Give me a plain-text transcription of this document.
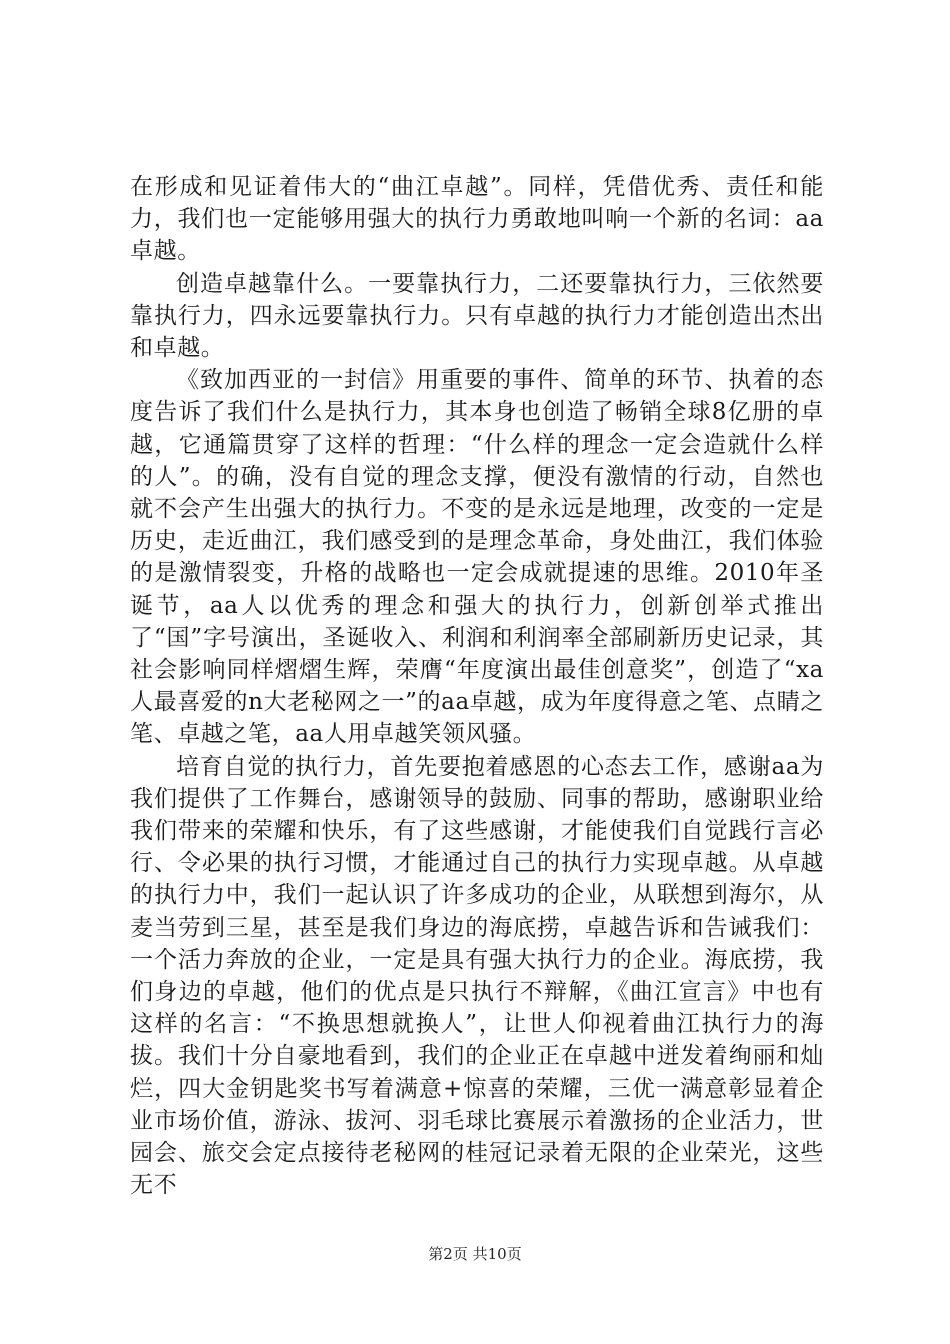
在形成和见证着伟大的“曲江卓越”。同样，凭借优秀、责任和能力，我们也一定能够用强大的执行力勇敢地叫响一个新的名词：aa卓越。

创造卓越靠什么。一要靠执行力，二还要靠执行力，三依然要靠执行力，四永远要靠执行力。只有卓越的执行力才能创造出杰出和卓越。

《致加西亚的一封信》用重要的事件、简单的环节、执着的态度告诉了我们什么是执行力，其本身也创造了畅销全球8亿册的卓越，它通篇贯穿了这样的哲理：“什么样的理念一定会造就什么样的人”。的确，没有自觉的理念支撑，便没有激情的行动，自然也就不会产生出强大的执行力。不变的是永远是地理，改变的一定是历史，走近曲江，我们感受到的是理念革命，身处曲江，我们体验的是激情裂变，升格的战略也一定会成就提速的思维。2010年圣诞节，aa人以优秀的理念和强大的执行力，创新创举式推出了“国”字号演出，圣诞收入、利润和利润率全部刷新历史记录，其社会影响同样熠熠生辉，荣膺“年度演出最佳创意奖”，创造了“xa人最喜爱的n大老秘网之一”的aa卓越，成为年度得意之笔、点睛之笔、卓越之笔，aa人用卓越笑领风骚。

培育自觉的执行力，首先要抱着感恩的心态去工作，感谢aa为我们提供了工作舞台，感谢领导的鼓励、同事的帮助，感谢职业给我们带来的荣耀和快乐，有了这些感谢，才能使我们自觉践行言必行、令必果的执行习惯，才能通过自己的执行力实现卓越。从卓越的执行力中，我们一起认识了许多成功的企业，从联想到海尔，从麦当劳到三星，甚至是我们身边的海底捞，卓越告诉和告诫我们：一个活力奔放的企业，一定是具有强大执行力的企业。海底捞，我们身边的卓越，他们的优点是只执行不辩解，《曲江宣言》中也有这样的名言：“不换思想就换人”，让世人仰视着曲江执行力的海拔。我们十分自豪地看到，我们的企业正在卓越中迸发着绚丽和灿烂，四大金钥匙奖书写着满意+惊喜的荣耀，三优一满意彰显着企业市场价值，游泳、拔河、羽毛球比赛展示着激扬的企业活力，世园会、旅交会定点接待老秘网的桂冠记录着无限的企业荣光，这些无不

第2页 共10页
